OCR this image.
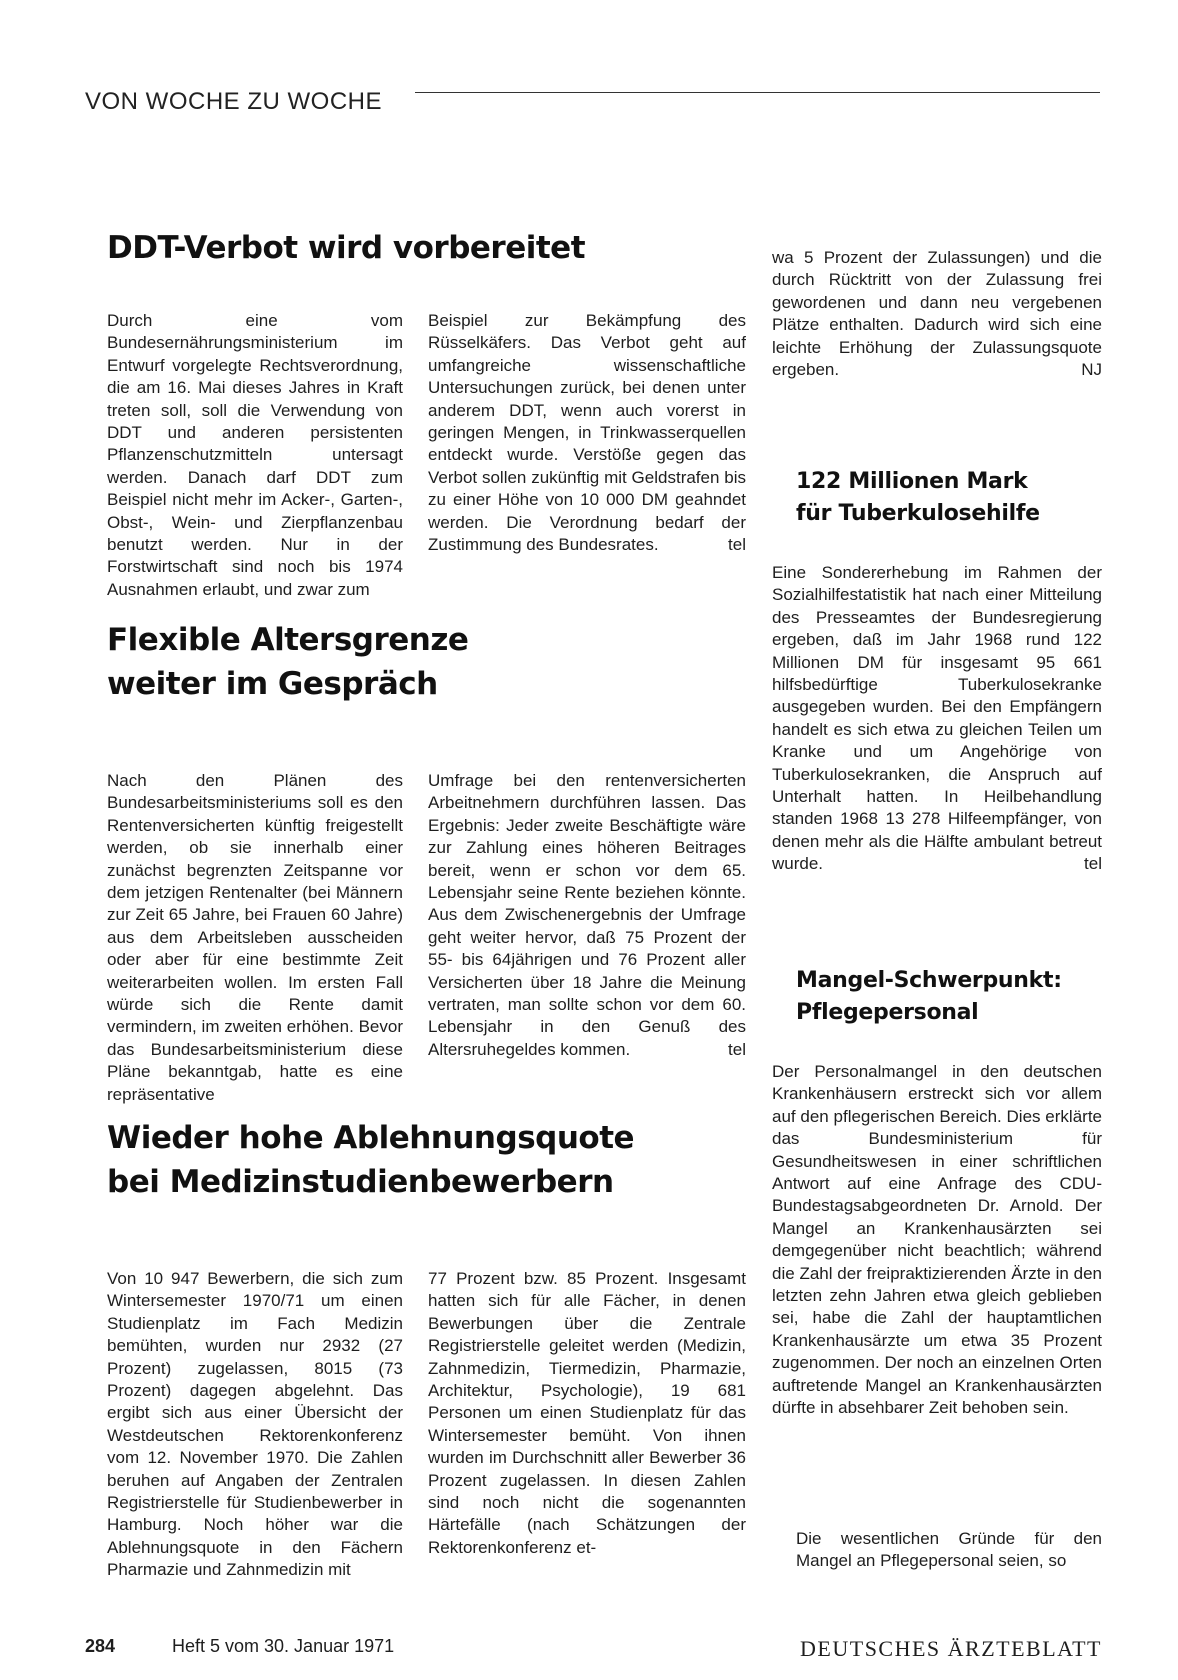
VON WOCHE ZU WOCHE
DDT-Verbot wird vorbereitet

Durch eine vom Bundesernährungsministerium im Entwurf vorgelegte Rechtsverordnung, die am 16. Mai dieses Jahres in Kraft treten soll, soll die Verwendung von DDT und anderen persistenten Pflanzenschutzmitteln untersagt werden. Danach darf DDT zum Beispiel nicht mehr im Acker-, Garten-, Obst-, Wein- und Zierpflanzenbau benutzt werden. Nur in der Forstwirtschaft sind noch bis 1974 Ausnahmen erlaubt, und zwar zum

Beispiel zur Bekämpfung des Rüsselkäfers. Das Verbot geht auf umfangreiche wissenschaftliche Untersuchungen zurück, bei denen unter anderem DDT, wenn auch vorerst in geringen Mengen, in Trinkwasserquellen entdeckt wurde. Verstöße gegen das Verbot sollen zukünftig mit Geldstrafen bis zu einer Höhe von 10 000 DM geahndet werden. Die Verordnung bedarf der Zustimmung des Bundesrates.	tel

Flexible Altersgrenze
weiter im Gespräch

Nach den Plänen des Bundesarbeitsministeriums soll es den Rentenversicherten künftig freigestellt werden, ob sie innerhalb einer zunächst begrenzten Zeitspanne vor dem jetzigen Rentenalter (bei Männern zur Zeit 65 Jahre, bei Frauen 60 Jahre) aus dem Arbeitsleben ausscheiden oder aber für eine bestimmte Zeit weiterarbeiten wollen. Im ersten Fall würde sich die Rente damit vermindern, im zweiten erhöhen. Bevor das Bundesarbeitsministerium diese Pläne bekanntgab, hatte es eine repräsentative

Umfrage bei den rentenversicherten Arbeitnehmern durchführen lassen. Das Ergebnis: Jeder zweite Beschäftigte wäre zur Zahlung eines höheren Beitrages bereit, wenn er schon vor dem 65. Lebensjahr seine Rente beziehen könnte. Aus dem Zwischenergebnis der Umfrage geht weiter hervor, daß 75 Prozent der 55- bis 64jährigen und 76 Prozent aller Versicherten über 18 Jahre die Meinung vertraten, man sollte schon vor dem 60. Lebensjahr in den Genuß des Altersruhegeldes kommen.	tel

Wieder hohe Ablehnungsquote
bei Medizinstudienbewerbern

Von 10 947 Bewerbern, die sich zum Wintersemester 1970/71 um einen Studienplatz im Fach Medizin bemühten, wurden nur 2932 (27 Prozent) zugelassen, 8015 (73 Prozent) dagegen abgelehnt. Das ergibt sich aus einer Übersicht der Westdeutschen Rektorenkonferenz vom 12. November 1970. Die Zahlen beruhen auf Angaben der Zentralen Registrierstelle für Studienbewerber in Hamburg. Noch höher war die Ablehnungsquote in den Fächern Pharmazie und Zahnmedizin mit

77 Prozent bzw. 85 Prozent. Insgesamt hatten sich für alle Fächer, in denen Bewerbungen über die Zentrale Registrierstelle geleitet werden (Medizin, Zahnmedizin, Tiermedizin, Pharmazie, Architektur, Psychologie), 19 681 Personen um einen Studienplatz für das Wintersemester bemüht. Von ihnen wurden im Durchschnitt aller Bewerber 36 Prozent zugelassen. In diesen Zahlen sind noch nicht die sogenannten Härtefälle (nach Schätzungen der Rektorenkonferenz et-

wa 5 Prozent der Zulassungen) und die durch Rücktritt von der Zulassung frei gewordenen und dann neu vergebenen Plätze enthalten. Dadurch wird sich eine leichte Erhöhung der Zulassungsquote ergeben.	NJ

122 Millionen Mark
für Tuberkulosehilfe

Eine Sondererhebung im Rahmen der Sozialhilfestatistik hat nach einer Mitteilung des Presseamtes der Bundesregierung ergeben, daß im Jahr 1968 rund 122 Millionen DM für insgesamt 95 661 hilfsbedürftige Tuberkulosekranke ausgegeben wurden. Bei den Empfängern handelt es sich etwa zu gleichen Teilen um Kranke und um Angehörige von Tuberkulosekranken, die Anspruch auf Unterhalt hatten. In Heilbehandlung standen 1968 13 278 Hilfeempfänger, von denen mehr als die Hälfte ambulant betreut wurde.	tel

Mangel-Schwerpunkt:
Pflegepersonal

Der Personalmangel in den deutschen Krankenhäusern erstreckt sich vor allem auf den pflegerischen Bereich. Dies erklärte das Bundesministerium für Gesundheitswesen in einer schriftlichen Antwort auf eine Anfrage des CDU-Bundestagsabgeordneten Dr. Arnold. Der Mangel an Krankenhausärzten sei demgegenüber nicht beachtlich; während die Zahl der freipraktizierenden Ärzte in den letzten zehn Jahren etwa gleich geblieben sei, habe die Zahl der hauptamtlichen Krankenhausärzte um etwa 35 Prozent zugenommen. Der noch an einzelnen Orten auftretende Mangel an Krankenhausärzten dürfte in absehbarer Zeit behoben sein.

Die wesentlichen Gründe für den Mangel an Pflegepersonal seien, so

284	Heft 5 vom 30. Januar 1971	DEUTSCHES ÄRZTEBLATT
